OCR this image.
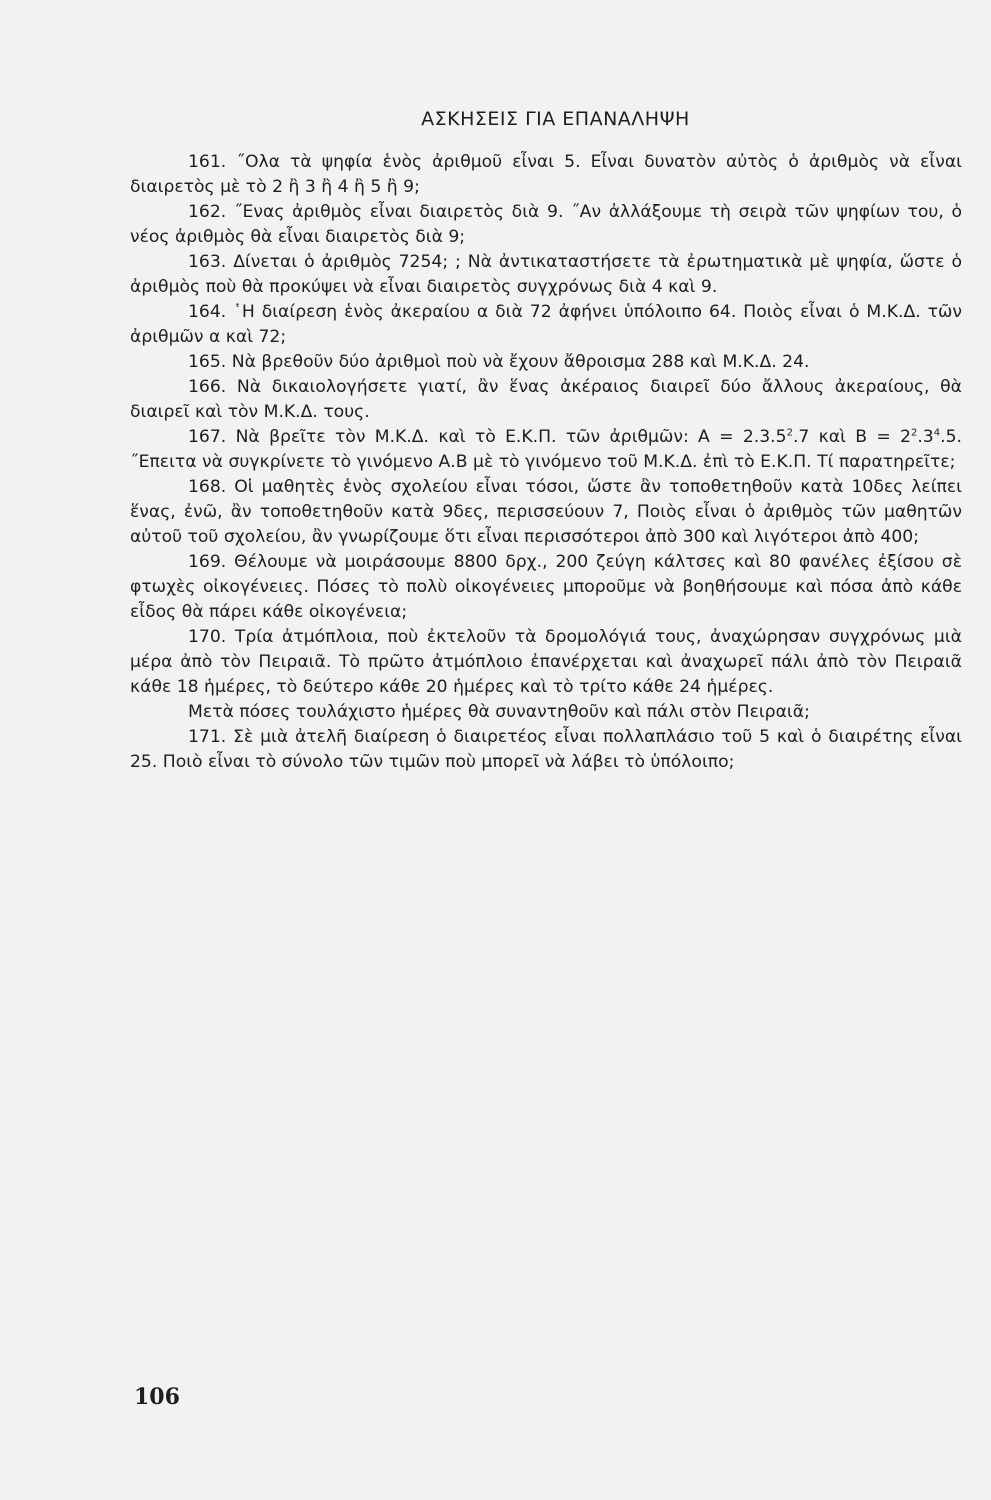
ΑΣΚΗΣΕΙΣ ΓΙΑ ΕΠΑΝΑΛΗΨΗ

161. ˝Ολα τὰ ψηφία ἑνὸς ἀριθμοῦ εἶναι 5. Εἶναι δυνατὸν αὐτὸς ὁ ἀριθμὸς νὰ εἶναι διαιρετὸς μὲ τὸ 2 ἢ 3 ἢ 4 ἢ 5 ἢ 9;

162. ˝Ενας ἀριθμὸς εἶναι διαιρετὸς διὰ 9. ˝Αν ἀλλάξουμε τὴ σειρὰ τῶν ψηφίων του, ὁ νέος ἀριθμὸς θὰ εἶναι διαιρετὸς διὰ 9;

163. Δίνεται ὁ ἀριθμὸς 7254; ; Νὰ ἀντικαταστήσετε τὰ ἐρωτηματικὰ μὲ ψηφία, ὥστε ὁ ἀριθμὸς ποὺ θὰ προκύψει νὰ εἶναι διαιρετὸς συγχρόνως διὰ 4 καὶ 9.

164. ῾Η διαίρεση ἑνὸς ἀκεραίου α διὰ 72 ἀφήνει ὑπόλοιπο 64. Ποιὸς εἶναι ὁ Μ.Κ.Δ. τῶν ἀριθμῶν α καὶ 72;

165. Νὰ βρεθοῦν δύο ἀριθμοὶ ποὺ νὰ ἔχουν ἄθροισμα 288 καὶ Μ.Κ.Δ. 24.

166. Νὰ δικαιολογήσετε γιατί, ἂν ἕνας ἀκέραιος διαιρεῖ δύο ἄλλους ἀκεραίους, θὰ διαιρεῖ καὶ τὸν Μ.Κ.Δ. τους.

167. Νὰ βρεῖτε τὸν Μ.Κ.Δ. καὶ τὸ Ε.Κ.Π. τῶν ἀριθμῶν: $A = 2.3.5^2.7$ καὶ $B = 2^2.3^4.5$. ˝Επειτα νὰ συγκρίνετε τὸ γινόμενο Α.Β μὲ τὸ γινόμενο τοῦ Μ.Κ.Δ. ἐπὶ τὸ Ε.Κ.Π. Τί παρατηρεῖτε;

168. Οἱ μαθητὲς ἑνὸς σχολείου εἶναι τόσοι, ὥστε ἂν τοποθετηθοῦν κατὰ 10δες λείπει ἕνας, ἐνῶ, ἂν τοποθετηθοῦν κατὰ 9δες, περισσεύουν 7, Ποιὸς εἶναι ὁ ἀριθμὸς τῶν μαθητῶν αὐτοῦ τοῦ σχολείου, ἂν γνωρίζουμε ὅτι εἶναι περισσότεροι ἀπὸ 300 καὶ λιγότεροι ἀπὸ 400;

169. Θέλουμε νὰ μοιράσουμε 8800 δρχ., 200 ζεύγη κάλτσες καὶ 80 φανέλες ἐξίσου σὲ φτωχὲς οἰκογένειες. Πόσες τὸ πολὺ οἰκογένειες μποροῦμε νὰ βοηθήσουμε καὶ πόσα ἀπὸ κάθε εἶδος θὰ πάρει κάθε οἰκογένεια;

170. Τρία ἀτμόπλοια, ποὺ ἐκτελοῦν τὰ δρομολόγιά τους, ἀναχώρησαν συγχρόνως μιὰ μέρα ἀπὸ τὸν Πειραιᾶ. Τὸ πρῶτο ἀτμόπλοιο ἐπανέρχεται καὶ ἀναχωρεῖ πάλι ἀπὸ τὸν Πειραιᾶ κάθε 18 ἡμέρες, τὸ δεύτερο κάθε 20 ἡμέρες καὶ τὸ τρίτο κάθε 24 ἡμέρες.

Μετὰ πόσες τουλάχιστο ἡμέρες θὰ συναντηθοῦν καὶ πάλι στὸν Πειραιᾶ;

171. Σὲ μιὰ ἀτελῆ διαίρεση ὁ διαιρετέος εἶναι πολλαπλάσιο τοῦ 5 καὶ ὁ διαιρέτης εἶναι 25. Ποιὸ εἶναι τὸ σύνολο τῶν τιμῶν ποὺ μπορεῖ νὰ λάβει τὸ ὑπόλοιπο;

106
